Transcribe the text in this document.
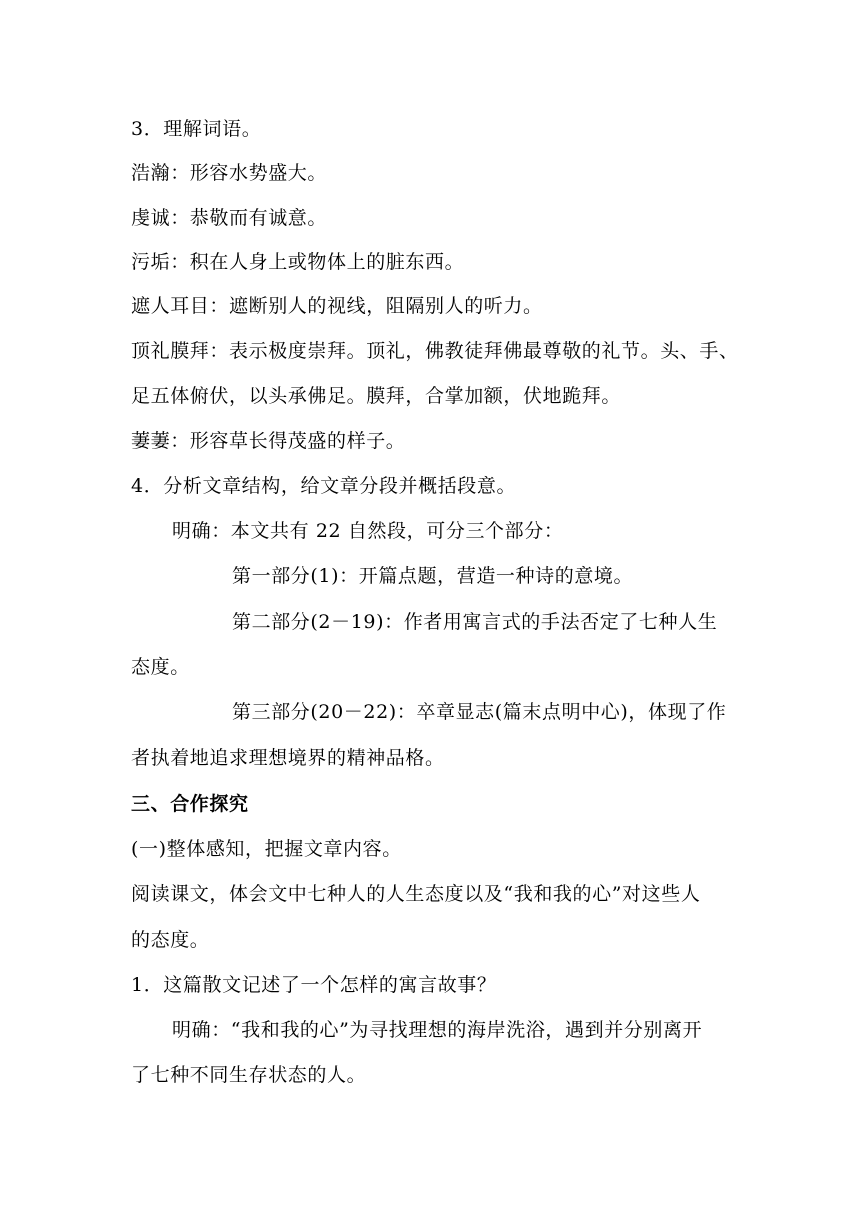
3．理解词语。
浩瀚：形容水势盛大。
虔诚：恭敬而有诚意。
污垢：积在人身上或物体上的脏东西。
遮人耳目：遮断别人的视线，阻隔别人的听力。
顶礼膜拜：表示极度崇拜。顶礼，佛教徒拜佛最尊敬的礼节。头、手、
足五体俯伏，以头承佛足。膜拜，合掌加额，伏地跪拜。
萋萋：形容草长得茂盛的样子。
4．分析文章结构，给文章分段并概括段意。
明确：本文共有 22 自然段，可分三个部分：
第一部分(1)：开篇点题，营造一种诗的意境。
第二部分(2－19)：作者用寓言式的手法否定了七种人生
态度。
第三部分(20－22)：卒章显志(篇末点明中心)，体现了作
者执着地追求理想境界的精神品格。
三、合作探究
(一)整体感知，把握文章内容。
阅读课文，体会文中七种人的人生态度以及“我和我的心”对这些人
的态度。
1．这篇散文记述了一个怎样的寓言故事？
明确：“我和我的心”为寻找理想的海岸洗浴，遇到并分别离开
了七种不同生存状态的人。
